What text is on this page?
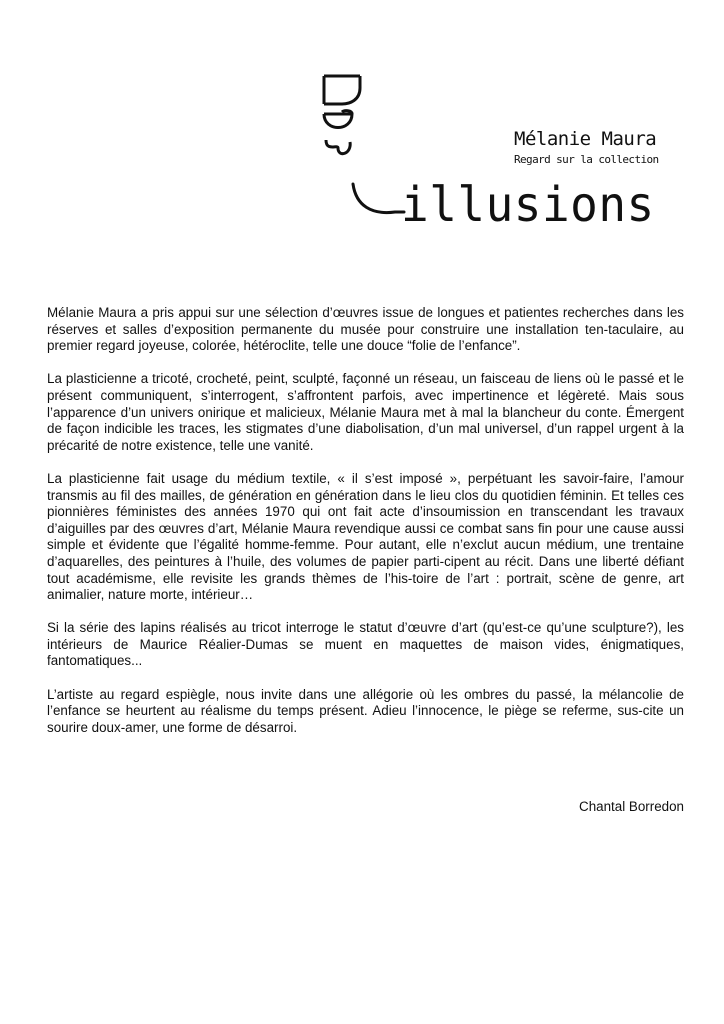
illusions
Mélanie Maura
Regard sur la collection

Mélanie Maura a pris appui sur une sélection d’œuvres issue de longues et patientes recherches dans les réserves et salles d’exposition permanente du musée pour construire une installation ten-taculaire, au premier regard joyeuse, colorée, hétéroclite, telle une douce “folie de l’enfance”.

La plasticienne a tricoté, crocheté, peint, sculpté, façonné un réseau, un faisceau de liens où le passé et le présent communiquent, s’interrogent, s’affrontent parfois, avec impertinence et légèreté. Mais sous l’apparence d’un univers onirique et malicieux, Mélanie Maura met à mal la blancheur du conte. Émergent de façon indicible les traces, les stigmates d’une diabolisation, d’un mal universel, d’un rappel urgent à la précarité de notre existence, telle une vanité.

La plasticienne fait usage du médium textile, « il s’est imposé », perpétuant les savoir-faire, l’amour transmis au fil des mailles, de génération en génération dans le lieu clos du quotidien féminin. Et telles ces pionnières féministes des années 1970 qui ont fait acte d’insoumission en transcendant les travaux d’aiguilles par des œuvres d’art, Mélanie Maura revendique aussi ce combat sans fin pour une cause aussi simple et évidente que l’égalité homme-femme. Pour autant, elle n’exclut aucun médium, une trentaine d’aquarelles, des peintures à l’huile, des volumes de papier parti-cipent au récit. Dans une liberté défiant tout académisme, elle revisite les grands thèmes de l’his-toire de l’art : portrait, scène de genre, art animalier, nature morte, intérieur…

Si la série des lapins réalisés au tricot interroge le statut d’œuvre d’art (qu’est-ce qu’une sculpture?), les intérieurs de Maurice Réalier-Dumas se muent en maquettes de maison vides, énigmatiques, fantomatiques...

L’artiste au regard espiègle, nous invite dans une allégorie où les ombres du passé, la mélancolie de l’enfance se heurtent au réalisme du temps présent. Adieu l’innocence, le piège se referme, sus-cite un sourire doux-amer, une forme de désarroi.

Chantal Borredon
